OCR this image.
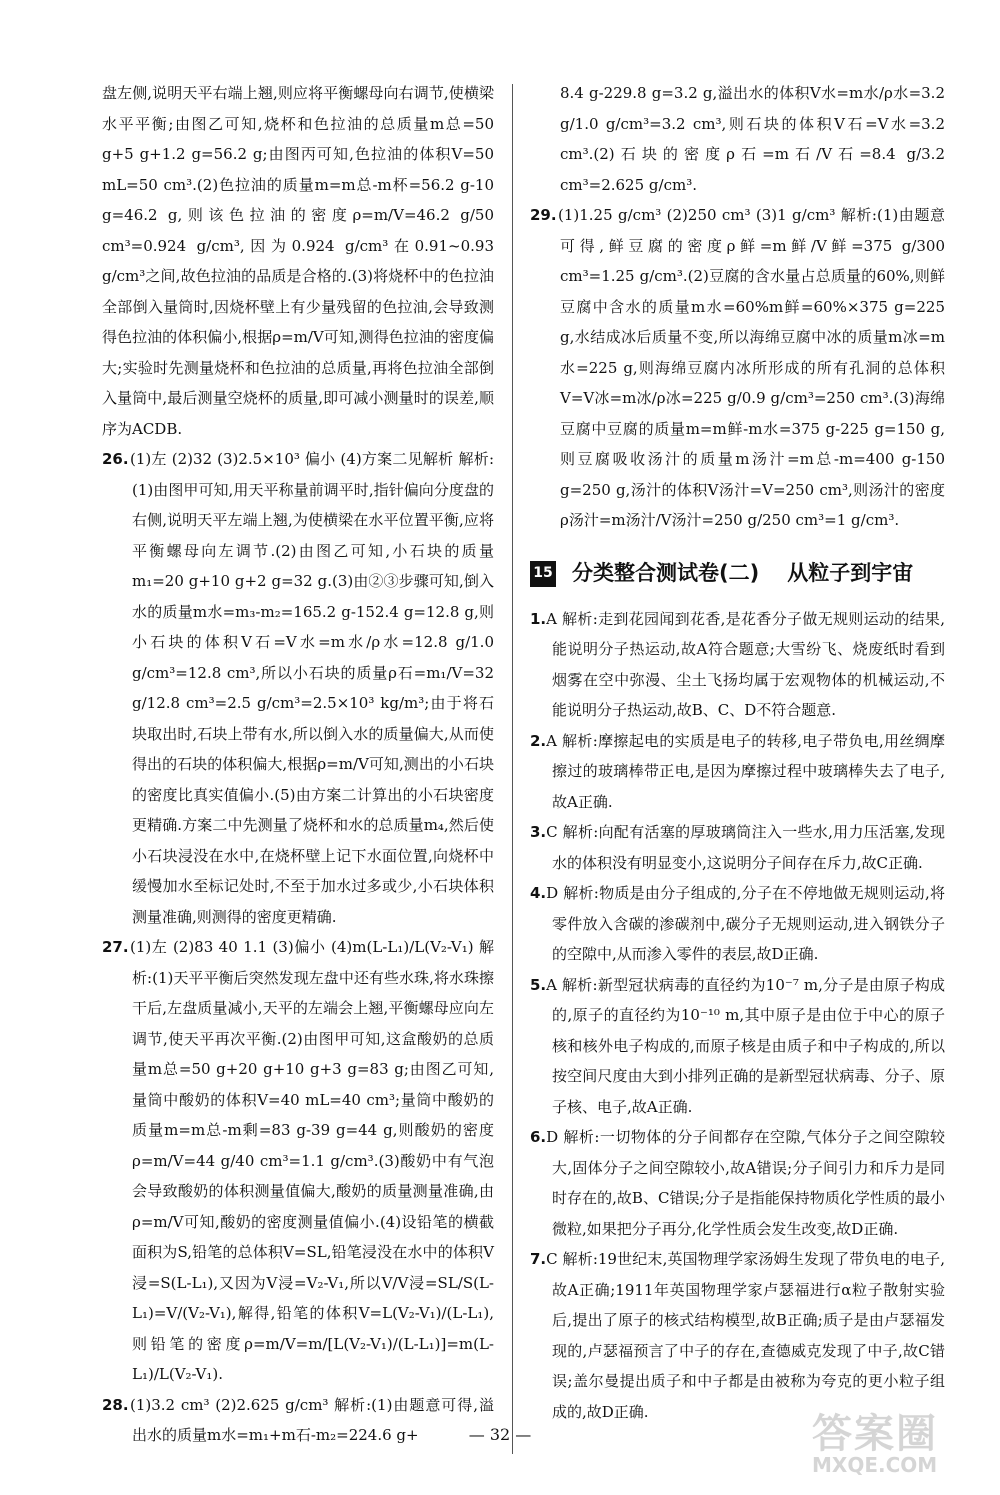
盘左侧,说明天平右端上翘,则应将平衡螺母向右调节,使横梁水平平衡;由图乙可知,烧杯和色拉油的总质量m总=50 g+5 g+1.2 g=56.2 g;由图丙可知,色拉油的体积V=50 mL=50 cm³.(2)色拉油的质量m=m总-m杯=56.2 g-10 g=46.2 g,则该色拉油的密度ρ=m/V=46.2 g/50 cm³=0.924 g/cm³,因为0.924 g/cm³在0.91~0.93 g/cm³之间,故色拉油的品质是合格的.(3)将烧杯中的色拉油全部倒入量筒时,因烧杯壁上有少量残留的色拉油,会导致测得色拉油的体积偏小,根据ρ=m/V可知,测得色拉油的密度偏大;实验时先测量烧杯和色拉油的总质量,再将色拉油全部倒入量筒中,最后测量空烧杯的质量,即可减小测量时的误差,顺序为ACDB.

26.(1)左 (2)32 (3)2.5×10³ 偏小 (4)方案二见解析 解析:(1)由图甲可知,用天平称量前调平时,指针偏向分度盘的右侧,说明天平左端上翘,为使横梁在水平位置平衡,应将平衡螺母向左调节.(2)由图乙可知,小石块的质量m₁=20 g+10 g+2 g=32 g.(3)由②③步骤可知,倒入水的质量m水=m₃-m₂=165.2 g-152.4 g=12.8 g,则小石块的体积V石=V水=m水/ρ水=12.8 g/1.0 g/cm³=12.8 cm³,所以小石块的质量ρ石=m₁/V=32 g/12.8 cm³=2.5 g/cm³=2.5×10³ kg/m³;由于将石块取出时,石块上带有水,所以倒入水的质量偏大,从而使得出的石块的体积偏大,根据ρ=m/V可知,测出的小石块的密度比真实值偏小.(5)由方案二计算出的小石块密度更精确.方案二中先测量了烧杯和水的总质量m₄,然后使小石块浸没在水中,在烧杯壁上记下水面位置,向烧杯中缓慢加水至标记处时,不至于加水过多或少,小石块体积测量准确,则测得的密度更精确.

27.(1)左 (2)83 40 1.1 (3)偏小 (4)m(L-L₁)/L(V₂-V₁) 解析:(1)天平平衡后突然发现左盘中还有些水珠,将水珠擦干后,左盘质量减小,天平的左端会上翘,平衡螺母应向左调节,使天平再次平衡.(2)由图甲可知,这盒酸奶的总质量m总=50 g+20 g+10 g+3 g=83 g;由图乙可知,量筒中酸奶的体积V=40 mL=40 cm³;量筒中酸奶的质量m=m总-m剩=83 g-39 g=44 g,则酸奶的密度ρ=m/V=44 g/40 cm³=1.1 g/cm³.(3)酸奶中有气泡会导致酸奶的体积测量值偏大,酸奶的质量测量准确,由ρ=m/V可知,酸奶的密度测量值偏小.(4)设铅笔的横截面积为S,铅笔的总体积V=SL,铅笔浸没在水中的体积V浸=S(L-L₁),又因为V浸=V₂-V₁,所以V/V浸=SL/S(L-L₁)=V/(V₂-V₁),解得,铅笔的体积V=L(V₂-V₁)/(L-L₁),则铅笔的密度ρ=m/V=m/[L(V₂-V₁)/(L-L₁)]=m(L-L₁)/L(V₂-V₁).

28.(1)3.2 cm³ (2)2.625 g/cm³ 解析:(1)由题意可得,溢出水的质量m水=m₁+m石-m₂=224.6 g+

8.4 g-229.8 g=3.2 g,溢出水的体积V水=m水/ρ水=3.2 g/1.0 g/cm³=3.2 cm³,则石块的体积V石=V水=3.2 cm³.(2)石块的密度ρ石=m石/V石=8.4 g/3.2 cm³=2.625 g/cm³.

29.(1)1.25 g/cm³ (2)250 cm³ (3)1 g/cm³ 解析:(1)由题意可得,鲜豆腐的密度ρ鲜=m鲜/V鲜=375 g/300 cm³=1.25 g/cm³.(2)豆腐的含水量占总质量的60%,则鲜豆腐中含水的质量m水=60%m鲜=60%×375 g=225 g,水结成冰后质量不变,所以海绵豆腐中冰的质量m冰=m水=225 g,则海绵豆腐内冰所形成的所有孔洞的总体积V=V冰=m冰/ρ冰=225 g/0.9 g/cm³=250 cm³.(3)海绵豆腐中豆腐的质量m=m鲜-m水=375 g-225 g=150 g,则豆腐吸收汤汁的质量m汤汁=m总-m=400 g-150 g=250 g,汤汁的体积V汤汁=V=250 cm³,则汤汁的密度ρ汤汁=m汤汁/V汤汁=250 g/250 cm³=1 g/cm³.

15 分类整合测试卷(二) 从粒子到宇宙

1.A 解析:走到花园闻到花香,是花香分子做无规则运动的结果,能说明分子热运动,故A符合题意;大雪纷飞、烧废纸时看到烟雾在空中弥漫、尘土飞扬均属于宏观物体的机械运动,不能说明分子热运动,故B、C、D不符合题意.

2.A 解析:摩擦起电的实质是电子的转移,电子带负电,用丝绸摩擦过的玻璃棒带正电,是因为摩擦过程中玻璃棒失去了电子,故A正确.

3.C 解析:向配有活塞的厚玻璃筒注入一些水,用力压活塞,发现水的体积没有明显变小,这说明分子间存在斥力,故C正确.

4.D 解析:物质是由分子组成的,分子在不停地做无规则运动,将零件放入含碳的渗碳剂中,碳分子无规则运动,进入钢铁分子的空隙中,从而渗入零件的表层,故D正确.

5.A 解析:新型冠状病毒的直径约为10⁻⁷ m,分子是由原子构成的,原子的直径约为10⁻¹⁰ m,其中原子是由位于中心的原子核和核外电子构成的,而原子核是由质子和中子构成的,所以按空间尺度由大到小排列正确的是新型冠状病毒、分子、原子核、电子,故A正确.

6.D 解析:一切物体的分子间都存在空隙,气体分子之间空隙较大,固体分子之间空隙较小,故A错误;分子间引力和斥力是同时存在的,故B、C错误;分子是指能保持物质化学性质的最小微粒,如果把分子再分,化学性质会发生改变,故D正确.

7.C 解析:19世纪末,英国物理学家汤姆生发现了带负电的电子,故A正确;1911年英国物理学家卢瑟福进行α粒子散射实验后,提出了原子的核式结构模型,故B正确;质子是由卢瑟福发现的,卢瑟福预言了中子的存在,查德威克发现了中子,故C错误;盖尔曼提出质子和中子都是由被称为夸克的更小粒子组成的,故D正确.

— 32 —	答案圈
MXQE.COM
